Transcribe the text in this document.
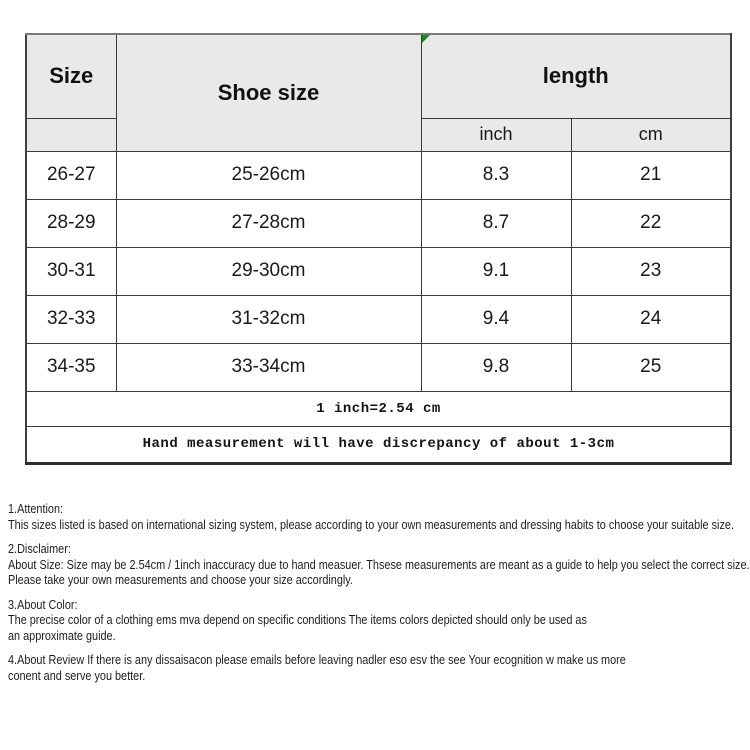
Size	Shoe size	length	
		inch	cm
26-27	25-26cm	8.3	21
28-29	27-28cm	8.7	22
30-31	29-30cm	9.1	23
32-33	31-32cm	9.4	24
34-35	33-34cm	9.8	25
1 inch=2.54 cm			
Hand measurement will have discrepancy of about 1-3cm			
1.Attention:
This sizes listed is based on international sizing system, please according to your own measurements and dressing habits to choose your suitable size.
2.Disclaimer:
About Size: Size may be 2.54cm / 1inch inaccuracy due to hand measuer. Thsese measurements are meant as a guide to help you select the correct size.
Please take your own measurements and choose your size accordingly.
3.About Color:
The precise color of a clothing ems mva depend on specific conditions The items colors depicted should only be used as
an approximate guide.
4.About Review If there is any dissaisacon please emails before leaving nadler eso esv the see Your ecognition w make us more
conent and serve you better.
